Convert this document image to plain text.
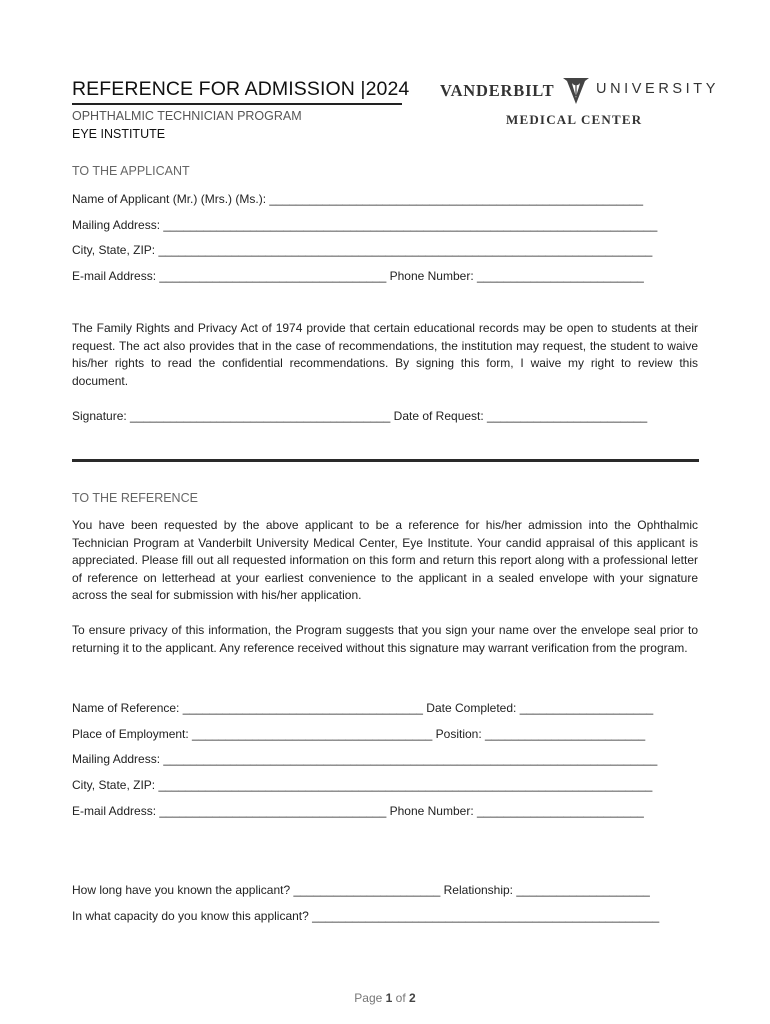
REFERENCE FOR ADMISSION |2024
OPHTHALMIC TECHNICIAN PROGRAM
EYE INSTITUTE
VANDERBILT	UNIVERSITY
MEDICAL CENTER
TO THE APPLICANT
Name of Applicant (Mr.) (Mrs.) (Ms.): ________________________________________________________
Mailing Address: __________________________________________________________________________
City, State, ZIP: __________________________________________________________________________
E-mail Address: __________________________________ Phone Number: _________________________

The Family Rights and Privacy Act of 1974 provide that certain educational records may be open to students at their request. The act also provides that in the case of recommendations, the institution may request, the student to waive his/her rights to read the confidential recommendations. By signing this form, I waive my right to review this document.

Signature: _______________________________________ Date of Request: ________________________
TO THE REFERENCE

You have been requested by the above applicant to be a reference for his/her admission into the Ophthalmic Technician Program at Vanderbilt University Medical Center, Eye Institute. Your candid appraisal of this applicant is appreciated. Please fill out all requested information on this form and return this report along with a professional letter of reference on letterhead at your earliest convenience to the applicant in a sealed envelope with your signature across the seal for submission with his/her application.

To ensure privacy of this information, the Program suggests that you sign your name over the envelope seal prior to returning it to the applicant. Any reference received without this signature may warrant verification from the program.

Name of Reference: ____________________________________ Date Completed: ____________________
Place of Employment: ____________________________________ Position: ________________________
Mailing Address: __________________________________________________________________________
City, State, ZIP: __________________________________________________________________________
E-mail Address: __________________________________ Phone Number: _________________________
How long have you known the applicant? ______________________ Relationship: ____________________
In what capacity do you know this applicant? ____________________________________________________
Page 1 of 2
